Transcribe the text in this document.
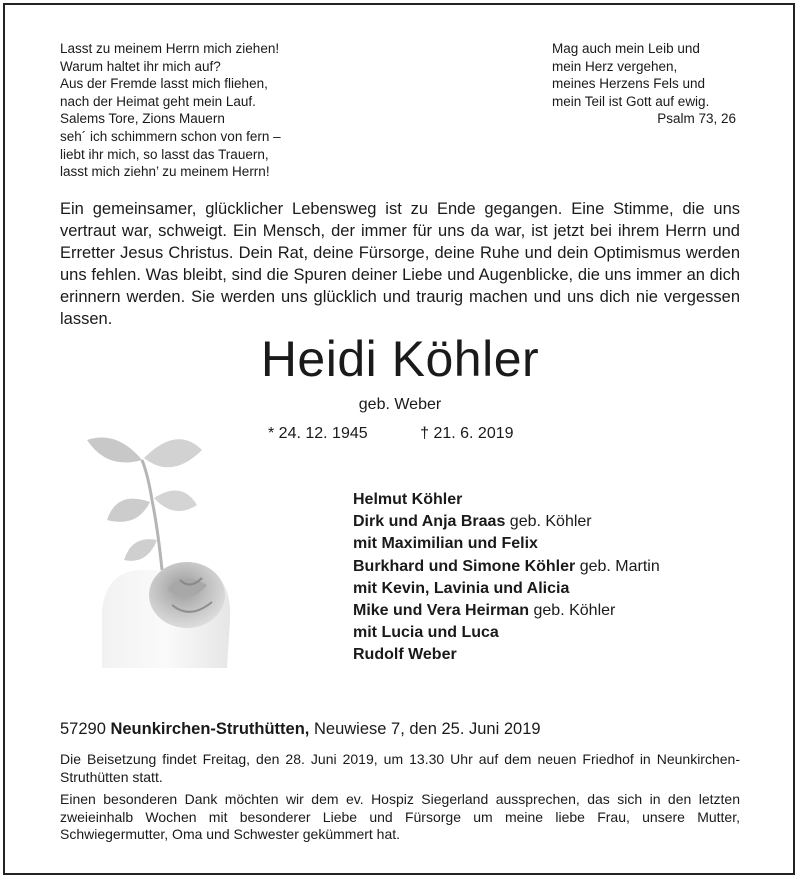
Lasst zu meinem Herrn mich ziehen!
Warum haltet ihr mich auf?
Aus der Fremde lasst mich fliehen,
nach der Heimat geht mein Lauf.
Salems Tore, Zions Mauern
seh´ ich schimmern schon von fern –
liebt ihr mich, so lasst das Trauern,
lasst mich ziehn’ zu meinem Herrn!
Mag auch mein Leib und
mein Herz vergehen,
meines Herzens Fels und
mein Teil ist Gott auf ewig.
Psalm 73, 26
Ein gemeinsamer, glücklicher Lebensweg ist zu Ende gegangen. Eine Stimme, die uns vertraut war, schweigt. Ein Mensch, der immer für uns da war, ist jetzt bei ihrem Herrn und Erretter Jesus Christus. Dein Rat, deine Fürsorge, deine Ruhe und dein Optimismus werden uns fehlen. Was bleibt, sind die Spuren deiner Liebe und Augenblicke, die uns immer an dich erinnern werden. Sie werden uns glücklich und traurig machen und uns dich nie vergessen lassen.
Heidi Köhler
geb. Weber
* 24. 12. 1945	† 21. 6. 2019
Helmut Köhler
Dirk und Anja Braas geb. Köhler
mit Maximilian und Felix
Burkhard und Simone Köhler geb. Martin
mit Kevin, Lavinia und Alicia
Mike und Vera Heirman geb. Köhler
mit Lucia und Luca
Rudolf Weber
57290 Neunkirchen-Struthütten, Neuwiese 7, den 25. Juni 2019
Die Beisetzung findet Freitag, den 28. Juni 2019, um 13.30 Uhr auf dem neuen Friedhof in Neunkirchen-Struthütten statt.
Einen besonderen Dank möchten wir dem ev. Hospiz Siegerland aussprechen, das sich in den letzten zweieinhalb Wochen mit besonderer Liebe und Fürsorge um meine liebe Frau, unsere Mutter, Schwiegermutter, Oma und Schwester gekümmert hat.
